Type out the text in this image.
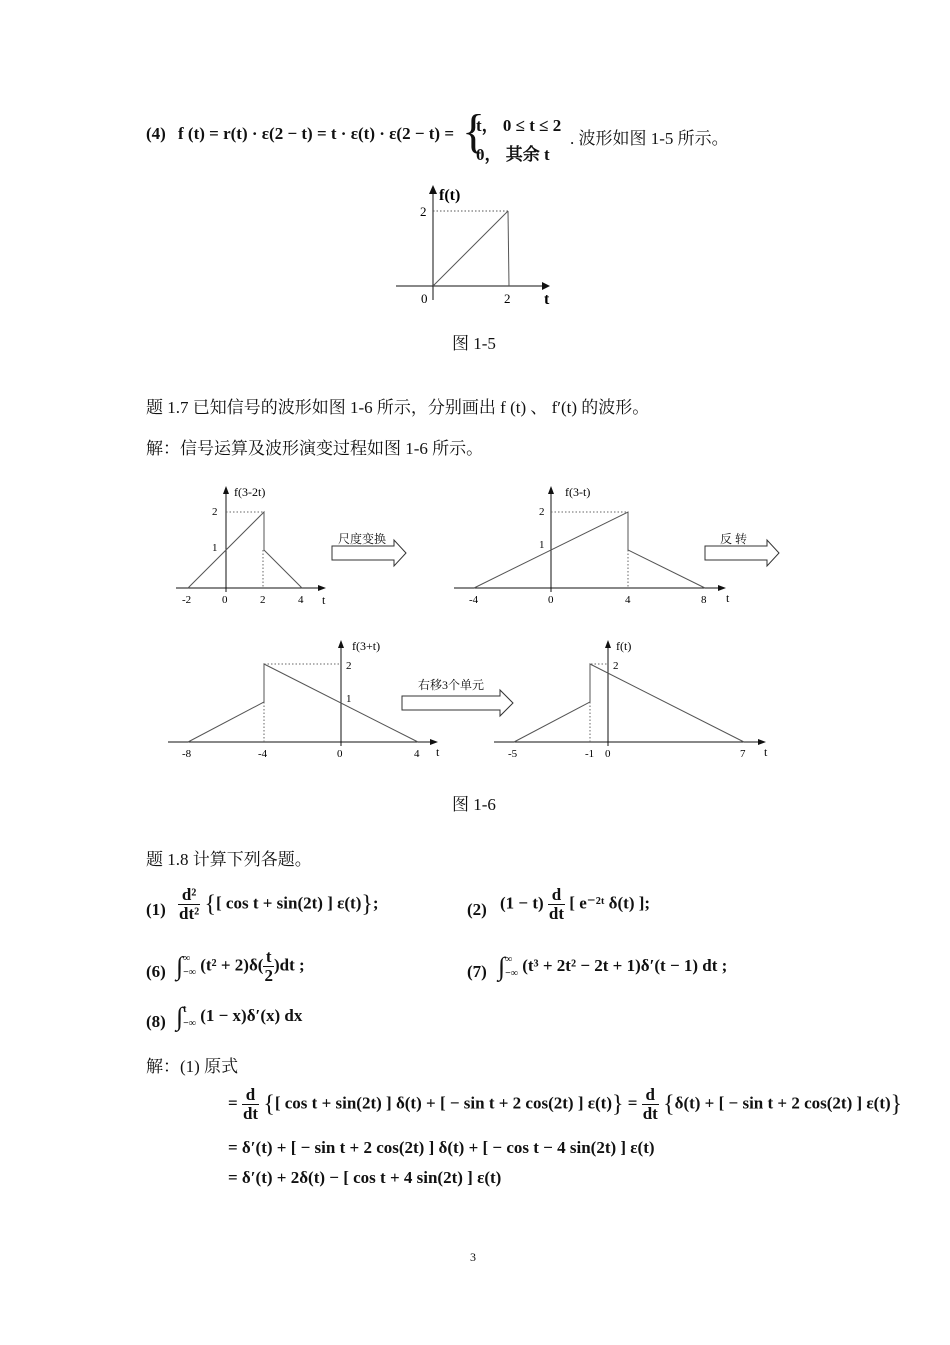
(4) f (t) = r(t) · ε(2 − t) = t · ε(t) · ε(2 − t) = {
t， 0 ≤ t ≤ 2
0， 其余 t
. 波形如图 1-5 所示。
f(t)
2
0	2 t
图 1-5
题 1.7 已知信号的波形如图 1-6 所示，分别画出 f (t) 、 f′(t) 的波形。
解：信号运算及波形演变过程如图 1-6 所示。
f(3-2t)
2
1
-2	0	2	4 t
尺度变换
f(3-t)
2
1
-4	0	4	8 t
反 转
f(3+t)
2
1
-8	-4	0	4 t
右移3个单元
f(t)
2
-5	-1 0	7 t
图 1-6
题 1.8 计算下列各题。
$(1) \frac{\text{d²}}{\text{dt²}}$ {[ cos t + sin(2t) ] ε(t)};	(2) $(1 - t) \frac{d}{dt}$ [ e⁻²ᵗ δ(t) ];
(6) ∫∞
−∞ $(t^2 + 2)\delta( \frac{t}{2} )dt$ ;	(7) ∫∞
−∞ (t³ + 2t² − 2t + 1)δ′(t − 1) dt ;
(8) ∫t
−∞ (1 − x)δ′(x) dx
解：(1) 原式
= $\frac{d}{dt}$ {[ cos t + sin(2t) ] δ(t) + [ − sin t + 2 cos(2t) ] $\varepsilon(t)\} = \frac{d}{dt} \{\delta(t)$ + [ − sin t + 2 cos(2t) ] ε(t)}
= δ′(t) + [ − sin t + 2 cos(2t) ] δ(t) + [ − cos t − 4 sin(2t) ] ε(t)
= δ′(t) + 2δ(t) − [ cos t + 4 sin(2t) ] ε(t)
3
